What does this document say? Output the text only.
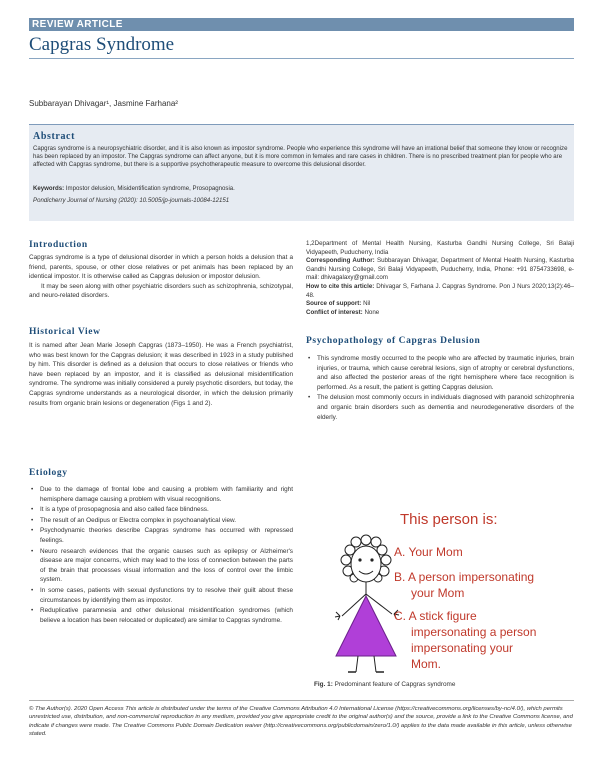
REVIEW ARTICLE
Capgras Syndrome
Subbarayan Dhivagar¹, Jasmine Farhana²
Abstract
Capgras syndrome is a neuropsychiatric disorder, and it is also known as impostor syndrome. People who experience this syndrome will have an irrational belief that someone they know or recognize has been replaced by an impostor. The Capgras syndrome can affect anyone, but it is more common in females and rare cases in children. There is no prescribed treatment plan for people who are affected with Capgras syndrome, but there is a supportive psychotherapeutic measure to overcome this delusional disorder.
Keywords: Impostor delusion, Misidentification syndrome, Prosopagnosia.
Pondicherry Journal of Nursing (2020): 10.5005/jp-journals-10084-12151
Introduction

Capgras syndrome is a type of delusional disorder in which a person holds a delusion that a friend, parents, spouse, or other close relatives or pet animals has been replaced by an identical impostor. It is otherwise called as Capgras delusion or impostor delusion.

It may be seen along with other psychiatric disorders such as schizophrenia, schizotypal, and neuro-related disorders.

Historical View

It is named after Jean Marie Joseph Capgras (1873–1950). He was a French psychiatrist, who was best known for the Capgras delusion; it was described in 1923 in a study published by him. This disorder is defined as a delusion that occurs to close relatives or friends who have been replaced by an impostor, and it is classified as delusional misidentification syndrome. The syndrome was initially considered a purely psychotic disorders, but today, the Capgras syndrome understands as a neurological disorder, in which the delusion primarily results from organic brain lesions or degeneration (Figs 1 and 2).

Etiology
• Due to the damage of frontal lobe and causing a problem with familiarity and right hemisphere damage causing a problem with visual recognitions.
• It is a type of prosopagnosia and also called face blindness.
• The result of an Oedipus or Electra complex in psychoanalytical view.
• Psychodynamic theories describe Capgras syndrome has occurred with repressed feelings.
• Neuro research evidences that the organic causes such as epilepsy or Alzheimer's disease are major concerns, which may lead to the loss of connection between the parts of the brain that processes visual information and the loss of control over the limbic system.
• In some cases, patients with sexual dysfunctions try to resolve their guilt about these circumstances by identifying them as impostor.
• Reduplicative paramnesia and other delusional misidentification syndromes (which believe a location has been relocated or duplicated) are similar to Capgras syndrome.
1,2Department of Mental Health Nursing, Kasturba Gandhi Nursing College, Sri Balaji Vidyapeeth, Puducherry, India
Corresponding Author: Subbarayan Dhivagar, Department of Mental Health Nursing, Kasturba Gandhi Nursing College, Sri Balaji Vidyapeeth, Puducherry, India, Phone: +91 8754733698, e-mail: dhivagalaxy@gmail.com
How to cite this article: Dhivagar S, Farhana J. Capgras Syndrome. Pon J Nurs 2020;13(2):46–48.
Source of support: Nil
Conflict of interest: None
Psychopathology of Capgras Delusion
• This syndrome mostly occurred to the people who are affected by traumatic injuries, brain injuries, or trauma, which cause cerebral lesions, sign of atrophy or cerebral dysfunctions, and also affected the posterior areas of the right hemisphere where face recognition is performed. As a result, the patient is getting Capgras delusion.
• The delusion most commonly occurs in individuals diagnosed with paranoid schizophrenia and organic brain disorders such as dementia and neurodegenerative disorders of the elderly.
This person is:
A. Your Mom
B. A person impersonating
your Mom
C. A stick figure
impersonating a person
impersonating your
Mom.
Fig. 1: Predominant feature of Capgras syndrome
© The Author(s). 2020 Open Access This article is distributed under the terms of the Creative Commons Attribution 4.0 International License (https://creativecommons.org/licenses/by-nc/4.0/), which permits unrestricted use, distribution, and non-commercial reproduction in any medium, provided you give appropriate credit to the original author(s) and the source, provide a link to the Creative Commons license, and indicate if changes were made. The Creative Commons Public Domain Dedication waiver (http://creativecommons.org/publicdomain/zero/1.0/) applies to the data made available in this article, unless otherwise stated.
